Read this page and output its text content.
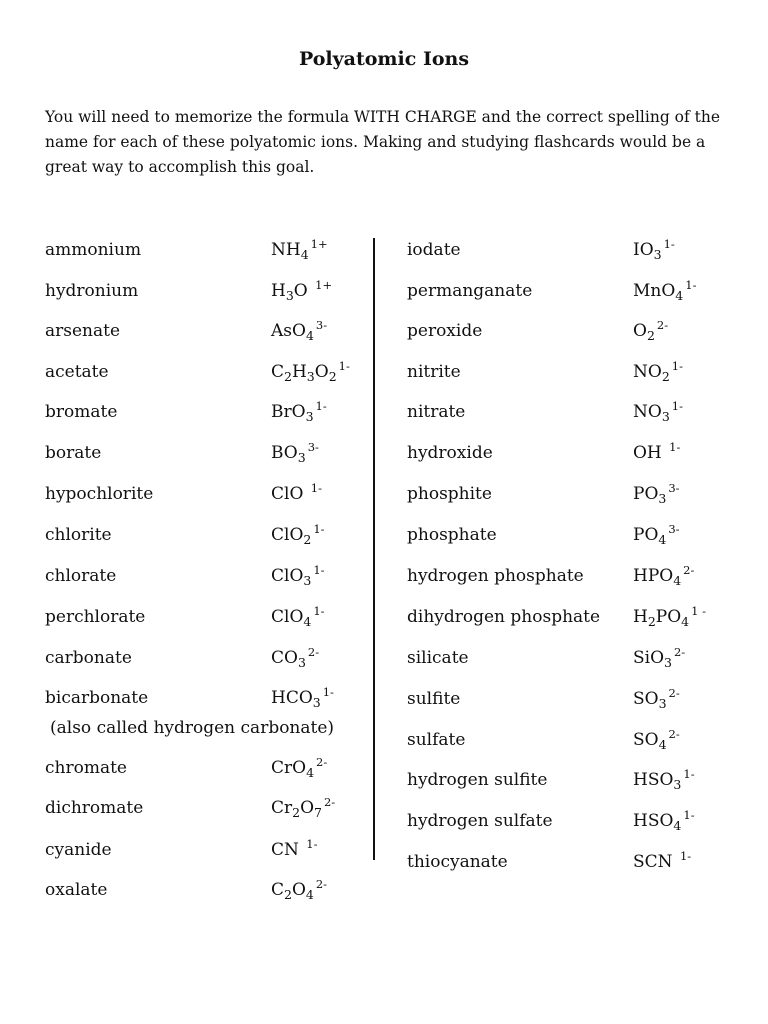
Polyatomic Ions
You will need to memorize the formula WITH CHARGE and the correct spelling of the name for each of these polyatomic ions. Making and studying flashcards would be a great way to accomplish this goal.
ammonium	$NH_4^{1+}$
hydronium	$H_3O$ $^{1+}$
arsenate	AsO$_4^{3-}$
acetate	$C_2H_3O_2^{1-}$
bromate	BrO$_3^{1-}$
borate	$BO_3^{3-}$
hypochlorite	ClO $^{1-}$
chlorite	ClO$_2^{1-}$
chlorate	ClO$_3^{1-}$
perchlorate	ClO$_4^{1-}$
carbonate	$CO_3^{2-}$
bicarbonate	$HCO_3^{1-}$
chromate	CrO$_4^{2-}$
dichromate	$Cr_2O_7^{2-}$
cyanide	CN $^{1-}$
oxalate	$C_2O_4^{2-}$
iodate	$IO_3^{1-}$
permanganate	MnO$_4^{1-}$
peroxide	$O_2^{2-}$
nitrite	$NO_2^{1-}$
nitrate	$NO_3^{1-}$
hydroxide	OH $^{1-}$
phosphite	$PO_3^{3-}$
phosphate	$PO_4^{3-}$
hydrogen phosphate	$HPO_4^{2-}$
dihydrogen phosphate $H_2PO_4^{1 -}$
silicate	SiO$_3^{2-}$
sulfite	$SO_3^{2-}$
sulfate	$SO_4^{2-}$
hydrogen sulfite	$HSO_3^{1-}$
hydrogen sulfate	$HSO_4^{1-}$
thiocyanate	SCN $^{1-}$
(also called hydrogen carbonate)
